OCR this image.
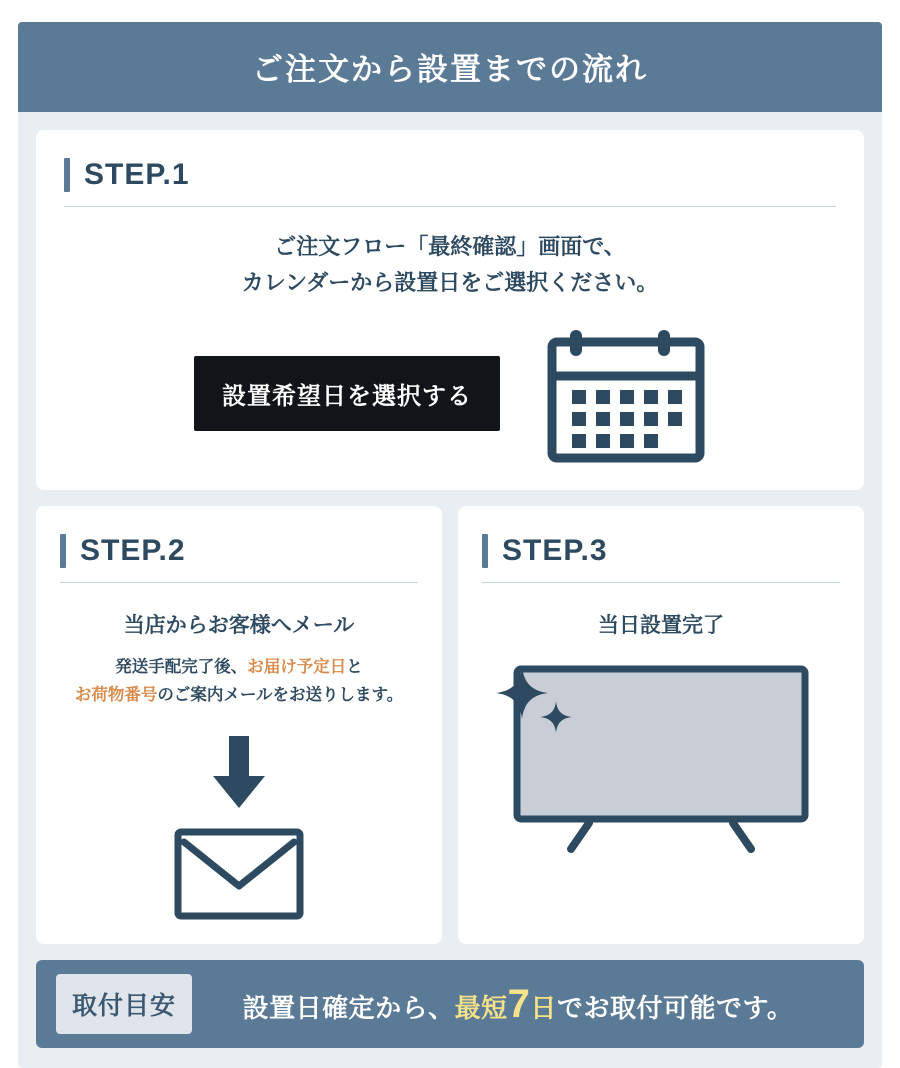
ご注文から設置までの流れ
STEP.1
ご注文フロー「最終確認」画面で、
カレンダーから設置日をご選択ください。
設置希望日を選択する
STEP.2
当店からお客様へメール
発送手配完了後、お届け予定日と
お荷物番号のご案内メールをお送りします。
STEP.3
当日設置完了
取付目安	設置日確定から、最短7日でお取付可能です。
